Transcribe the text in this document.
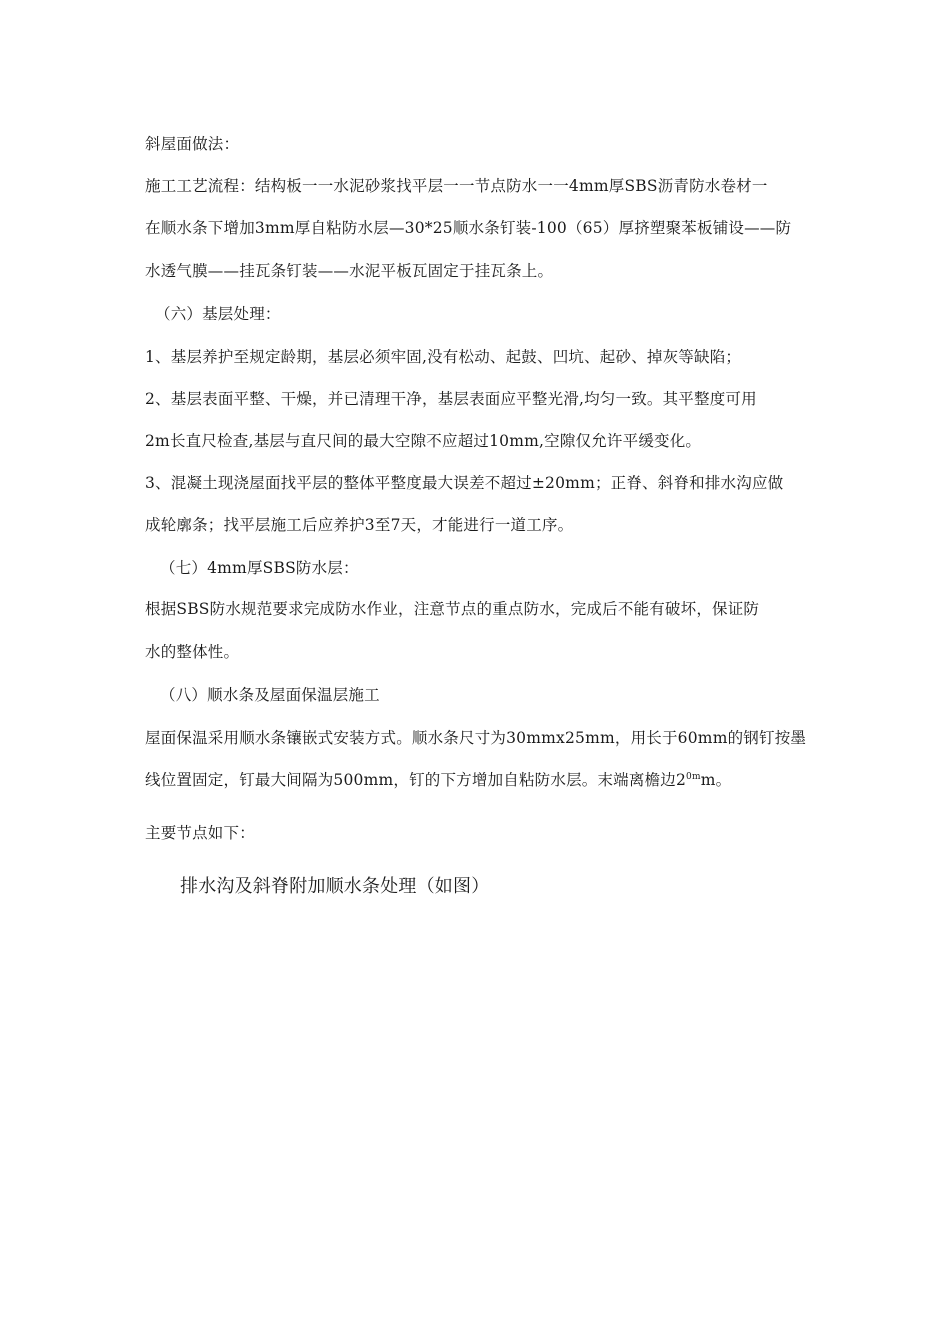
斜屋面做法：
施工工艺流程：结构板一一水泥砂浆找平层一一节点防水一一4mm厚SBS沥青防水卷材一
在顺水条下增加3mm厚自粘防水层—30*25顺水条钉装-100（65）厚挤塑聚苯板铺设——防
水透气膜——挂瓦条钉装——水泥平板瓦固定于挂瓦条上。
（六）基层处理：
1、基层养护至规定龄期，基层必须牢固,没有松动、起鼓、凹坑、起砂、掉灰等缺陷；
2、基层表面平整、干燥，并已清理干净，基层表面应平整光滑,均匀一致。其平整度可用
2m长直尺检查,基层与直尺间的最大空隙不应超过10mm,空隙仅允许平缓变化。
3、混凝土现浇屋面找平层的整体平整度最大误差不超过±20mm；正脊、斜脊和排水沟应做
成轮廓条；找平层施工后应养护3至7天，才能进行一道工序。
（七）4mm厚SBS防水层：
根据SBS防水规范要求完成防水作业，注意节点的重点防水，完成后不能有破坏，保证防
水的整体性。
（八）顺水条及屋面保温层施工
屋面保温采用顺水条镶嵌式安装方式。顺水条尺寸为30mmx25mm，用长于60mm的钢钉按墨
线位置固定，钉最大间隔为500mm，钉的下方增加自粘防水层。末端离檐边$2^{0m}m$。
主要节点如下：
排水沟及斜脊附加顺水条处理（如图）
